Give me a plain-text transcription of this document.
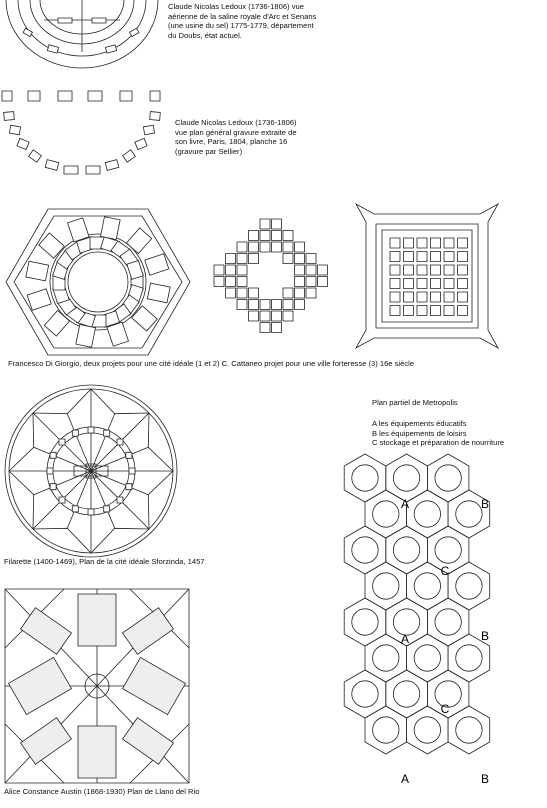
Claude Nicolas Ledoux (1736-1806) vue
aérienne de la saline royale d'Arc et Senans
(une usine du sel) 1775-1779, département
du Doubs, état actuel.
Claude Nicolas Ledoux (1736-1806)
vue plan général gravure extraite de
son livre, Paris, 1804, planche 16
(gravure par Sellier)
Francesco Di Giorgio, deux projets pour une cité idéale (1 et 2) C. Cattaneo projet pour une ville forteresse (3) 16e siècle
Filarette (1400-1469), Plan de la cité idéale Sforzinda, 1457
Alice Constance Austin (1868-1930) Plan de Llano del Rio
Plan partiel de Metropolis
A les équipements éducatifs
B les équipements de loisirs
C stockage et préparation de nourriture
A	B
C
A	B
C
A	B
